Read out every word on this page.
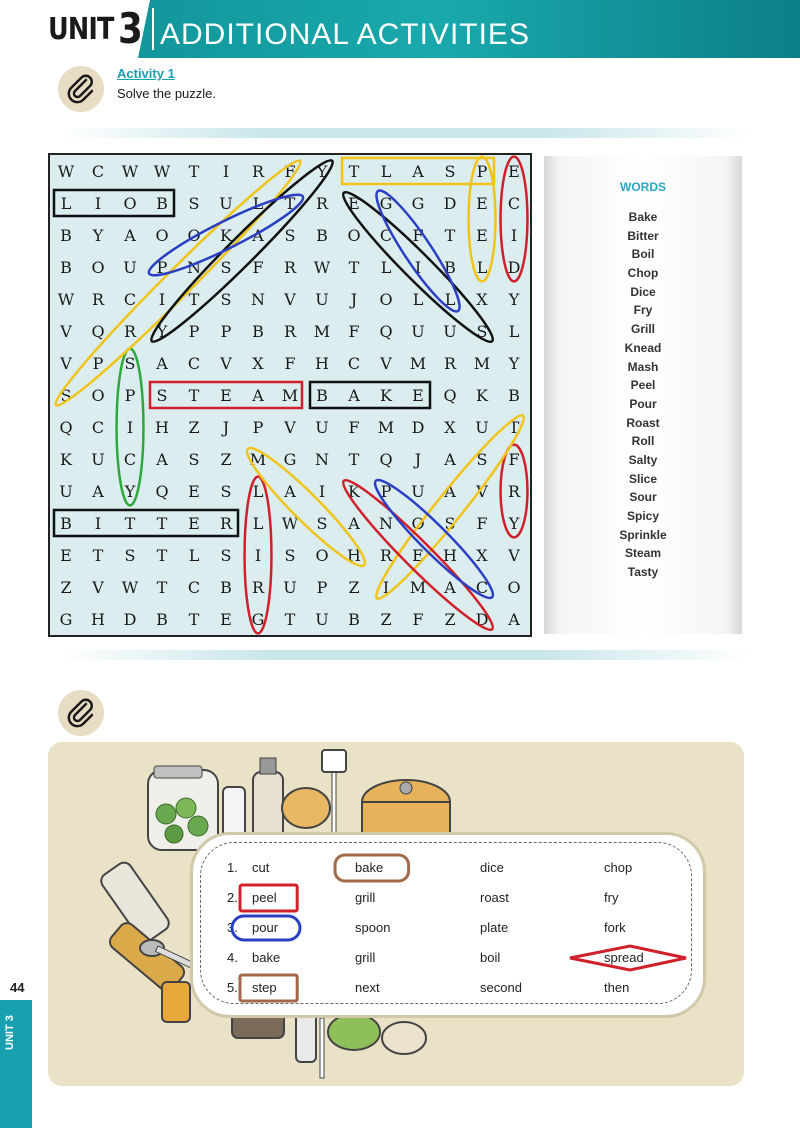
UNIT 3 ADDITIONAL ACTIVITIES
Activity 1
Solve the puzzle.
W C W W T I R F Y T L A S P E
L I O B S U L T R E G G D E C
B Y A O O K A S B O C F T E I
B O U P N S F R W T L I B L D
W R C I T S N V U J O L L X Y
V Q R Y P P B R M F Q U U S L
V P S A C V X F H C V M R M Y
S O P S T E A M B A K E Q K B
Q C I H Z J P V U F M D X U T
K U C A S Z M G N T Q J A S F
U A Y Q E S L A I K P U A V R
B I T T E R L W S A N O S F Y
E T S T L S I S O H R E H X V
Z V W T C B R U P Z I M A C O
G H D B T E G T U B Z F Z D A
WORDS
Bake
Bitter
Boil
Chop
Dice
Fry
Grill
Knead
Mash
Peel
Pour
Roast
Roll
Salty
Slice
Sour
Spicy
Sprinkle
Steam
Tasty
1. cut	bake	dice	chop
2. peel	grill	roast	fry
3. pour	spoon	plate	fork
4. bake	grill	boil	spread
5. step	next	second	then
44
UNIT 3
